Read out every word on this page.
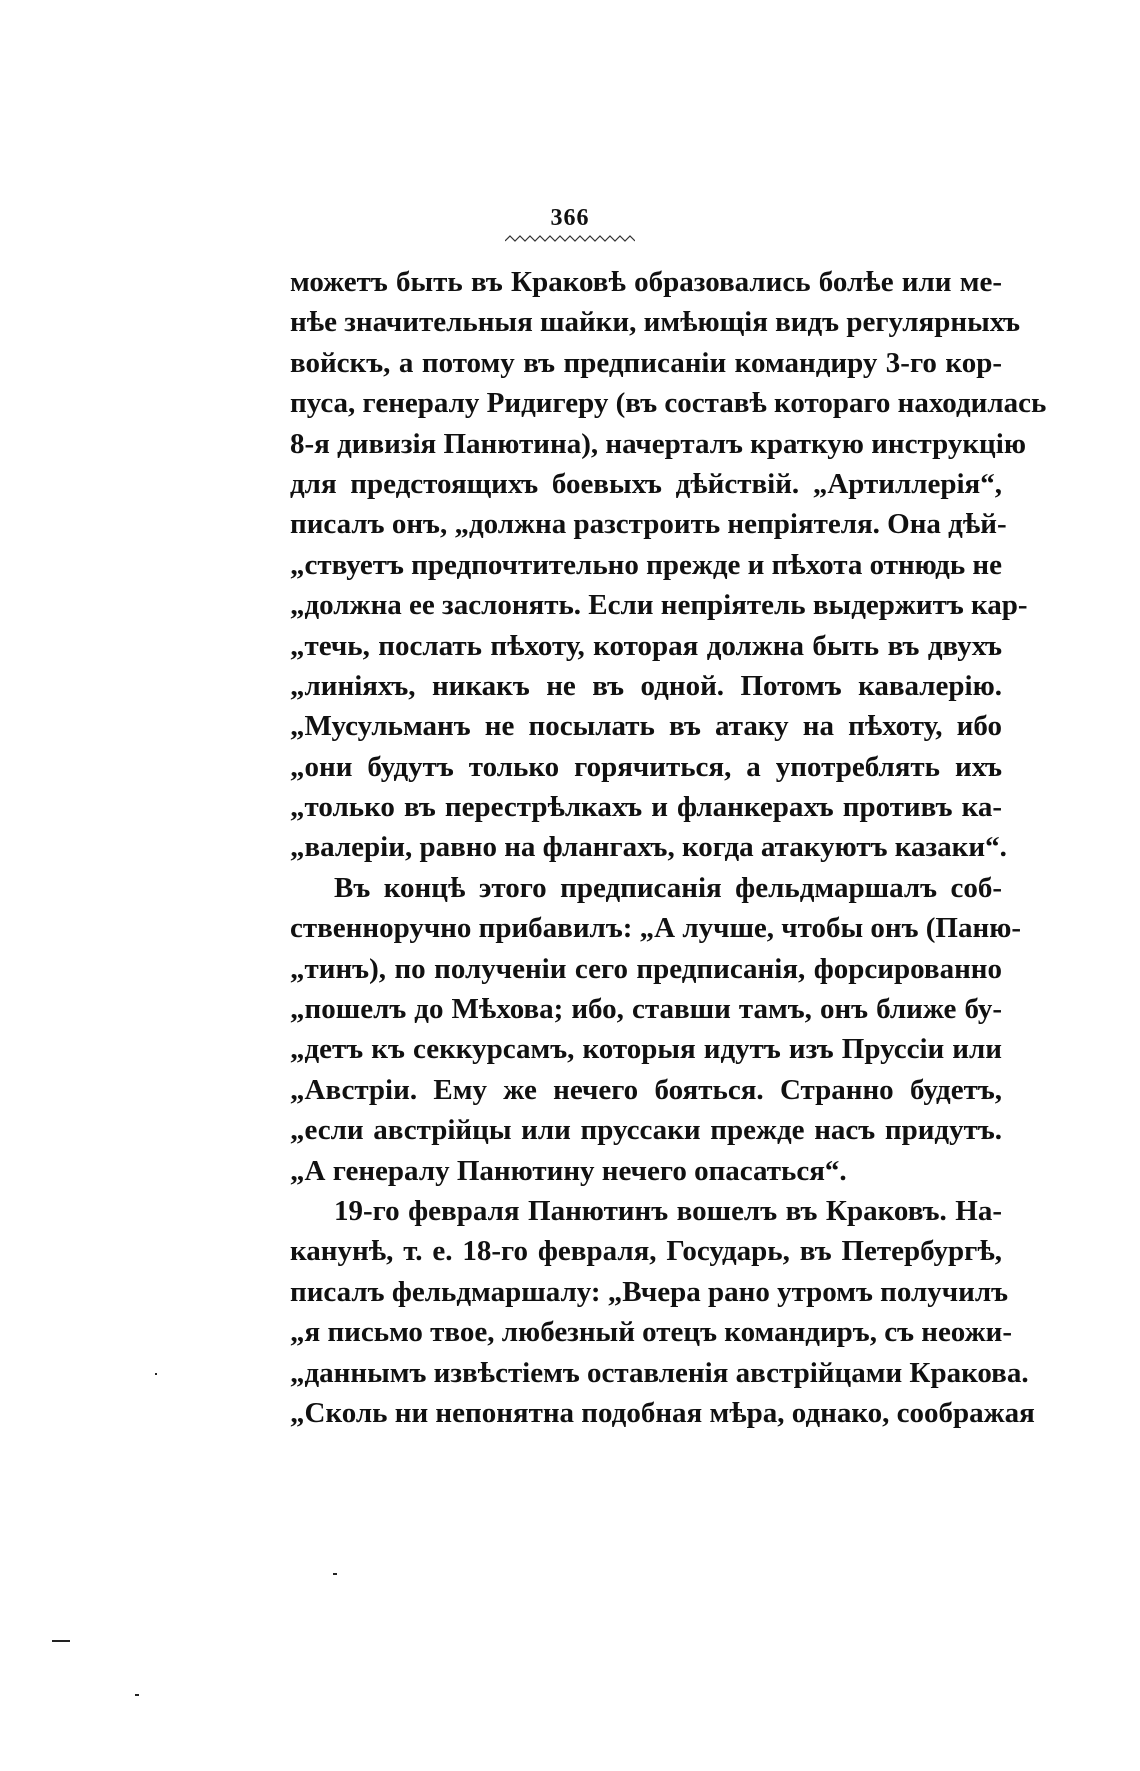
366
можетъ быть въ Краковѣ образовались болѣе или ме-
нѣе значительныя шайки, имѣющія видъ регулярныхъ
войскъ, а потому въ предписаніи командиру 3-го кор-
пуса, генералу Ридигеру (въ составѣ котораго находилась
8-я дивизія Панютина), начерталъ краткую инструкцію
для предстоящихъ боевыхъ дѣйствій. „Артиллерія“,
писалъ онъ, „должна разстроить непріятеля. Она дѣй-
„ствуетъ предпочтительно прежде и пѣхота отнюдь не
„должна ее заслонять. Если непріятель выдержитъ кар-
„течь, послать пѣхоту, которая должна быть въ двухъ
„линіяхъ, никакъ не въ одной. Потомъ кавалерію.
„Мусульманъ не посылать въ атаку на пѣхоту, ибо
„они будутъ только горячиться, а употреблять ихъ
„только въ перестрѣлкахъ и фланкерахъ противъ ка-
„валеріи, равно на флангахъ, когда атакуютъ казаки“.
Въ концѣ этого предписанія фельдмаршалъ соб-
ственноручно прибавилъ: „А лучше, чтобы онъ (Паню-
„тинъ), по полученіи сего предписанія, форсированно
„пошелъ до Мѣхова; ибо, ставши тамъ, онъ ближе бу-
„детъ къ секкурсамъ, которыя идутъ изъ Пруссіи или
„Австріи. Ему же нечего бояться. Странно будетъ,
„если австрійцы или пруссаки прежде насъ придутъ.
„А генералу Панютину нечего опасаться“.
19-го февраля Панютинъ вошелъ въ Краковъ. На-
канунѣ, т. е. 18-го февраля, Государь, въ Петербургѣ,
писалъ фельдмаршалу: „Вчера рано утромъ получилъ
„я письмо твое, любезный отецъ командиръ, съ неожи-
„даннымъ извѣстіемъ оставленія австрійцами Кракова.
„Сколь ни непонятна подобная мѣра, однако, соображая
